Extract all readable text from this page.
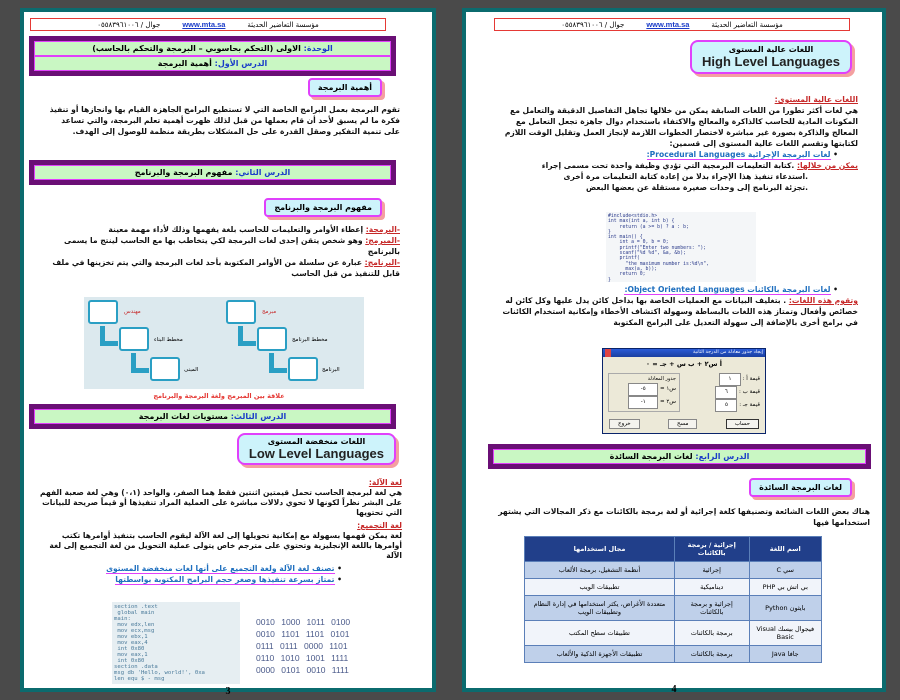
مؤسسة التعاضير الحديثة
www.mta.sa
جوال / ٠٥٥٨٣٩٦١٠٠٦
الوحدة: الاولى (التحكم بحاسوبي – البرمجة والتحكم بالحاسب)
الدرس الأول: أهمية البرمجة
أهمية البرمجة
تقوم البرمجة بعمل البرامج الخاصة التي لا تستطيع البرامج الجاهزة القيام بها وانجازها أو تنفيذ فكرة ما لم يسبق لأحد أن قام بعملها من قبل لذلك ظهرت أهمية تعلم البرمجة، والتي تساعد على تنمية التفكير وصقل القدرة على حل المشكلات بطريقة منظمة للوصول إلى الهدف.
الدرس الثاني: مفهوم البرمجة والبرنامج
مفهوم البرمجة والبرنامج
-البرمجة: إعطاء الأوامر والتعليمات للحاسب بلغة يفهمها وذلك لأداء مهمة معينة
-المبرمج: وهو شخص يتقن إحدى لغات البرمجة لكي يتخاطب بها مع الحاسب لينتج ما يسمى بالبرنامج
-البرنامج: عبارة عن سلسلة من الأوامر المكتوبة بأحد لغات البرمجة والتي يتم تخزينها في ملف قابل للتنفيذ من قبل الحاسب
مهندس
مخطط البناء
المبنى
مبرمج
مخطط البرنامج
البرنامج
علاقة بين المبرمج ولغة البرمجة والبرنامج
الدرس الثالث: مستويات لغات البرمجة
اللغات منخفضة المستوى
Low Level Languages
لغة الآلة:
هي لغة لبرمجة الحاسب تحمل قيمتين اثنتين فقط هما الصفر، والواحد (٠،١) وهي لغة صعبة الفهم على البشر نظراً لكونها لا تحوي دلالات مباشرة على العملية المراد تنفيذها أو قيماً صريحة للبيانات التي تحتويها
لغة التجميع:
لغة يمكن فهمها بسهولة مع إمكانية تحويلها إلى لغة الآلة ليقوم الحاسب بتنفيذ أوامرها تكتب أوامرها باللغة الإنجليزية وتحتوي على مترجم خاص يتولى عملية التحويل من لغة التجميع إلى لغة الآلة
• تصنف لغة الآلة ولغة التجميع على أنها لغات منخفضة المستوى
• تمتاز بسرعة تنفيذها وصغر حجم البرامج المكتوبة بواسطتها
section .text
global main
main:
mov edx,len
mov ecx,msg
mov ebx,1
mov eax,4
int 0x80
mov eax,1
int 0x80
section .data
msg db 'Hello, world!', 0xa
len equ $ - msg
0010 1000 1011 0100
0010 1101 1101 0101
0111 0111 0000 1101
0110 1010 1001 1111
0000 0101 0010 1111
3
مؤسسة التعاضير الحديثة
www.mta.sa
جوال / ٠٥٥٨٣٩٦١٠٠٦
اللغات عالية المستوى
High Level Languages
اللغات عالية المستوى:
هي لغات أكثر تطورا من اللغات السابقة يمكن من خلالها تجاهل التفاصيل الدقيقة والتعامل مع المكونات المادية للحاسب كالذاكرة والمعالج والاكتفاء باستخدام دوال جاهزة تجعل التعامل مع المعالج والذاكرة بصورة غير مباشرة لاختصار الخطوات اللازمة لإنجاز العمل وتقليل الوقت اللازم لكتابتها وتقسم اللغات عالية المستوى إلى قسمين:
• لغات البرمجة الإجرائية Procedural Languages:
يمكن من خلالها: .كتابة التعليمات البرمجية التي تؤدي وظيفة واحدة تحت مسمى إجراء
.استدعاء تنفيذ هذا الإجراء بدلا من إعادة كتابة التعليمات مرة أخرى
.تجزئة البرنامج إلى وحدات صغيرة مستقلة عن بعضها البعض
#include<stdio.h>
int max(int a, int b) {
return (a >= b) ? a : b;
}
int main() {
int a = 0, b = 0;
printf("Enter two numbers: ");
scanf("%d %d", &a, &b);
printf(
"the maximum number is:%d\n",
max(a, b));
return 0;
}
• لغات البرمجة بالكائنات Object Oriented Languages:
وتقوم هذه اللغات: . بتغليف البيانات مع العمليات الخاصة بها بداخل كائن يدل عليها وكل كائن له خصائص وأفعال وتمتاز هذه اللغات بالبساطة وسهولة اكتشاف الأخطاء وإمكانية استخدام الكائنات في برامج أخرى بالإضافة إلى سهولة التعديل على البرامج المكتوبة
إيجاد جذور معادلة من الدرجة الثانية
أ س٢ + ب س + جـ = ٠
قيمة أ : ١
قيمة ب : ٦
قيمة جـ : ٥
جذور المعادلة
س١ = ٥-
س٢ = ١-
حساب
مسح
خروج
الدرس الرابع: لغات البرمجة السائدة
لغات البرمجة السائدة
هناك بعض اللغات الشائعة وتصنيفها كلغة إجرائية أو لغة برمجة بالكائنات مع ذكر المجالات التي يشتهر استخدامها فيها
اسم اللغة	إجرائية / برمجة بالكائنات	مجال استخدامها
سي C	إجرائية	أنظمة التشغيل، برمجة الألعاب
بي اتش بي PHP	ديناميكية	تطبيقات الويب
بايثون Python	إجرائية و برمجة بالكائنات	متعددة الأغراض، يكثر استخدامها في إدارة النظام وتطبيقات الويب
فيجوال بيسك Visual Basic	برمجة بالكائنات	تطبيقات سطح المكتب
جافا Java	برمجة بالكائنات	تطبيقات الأجهزة الذكية والألعاب
4
